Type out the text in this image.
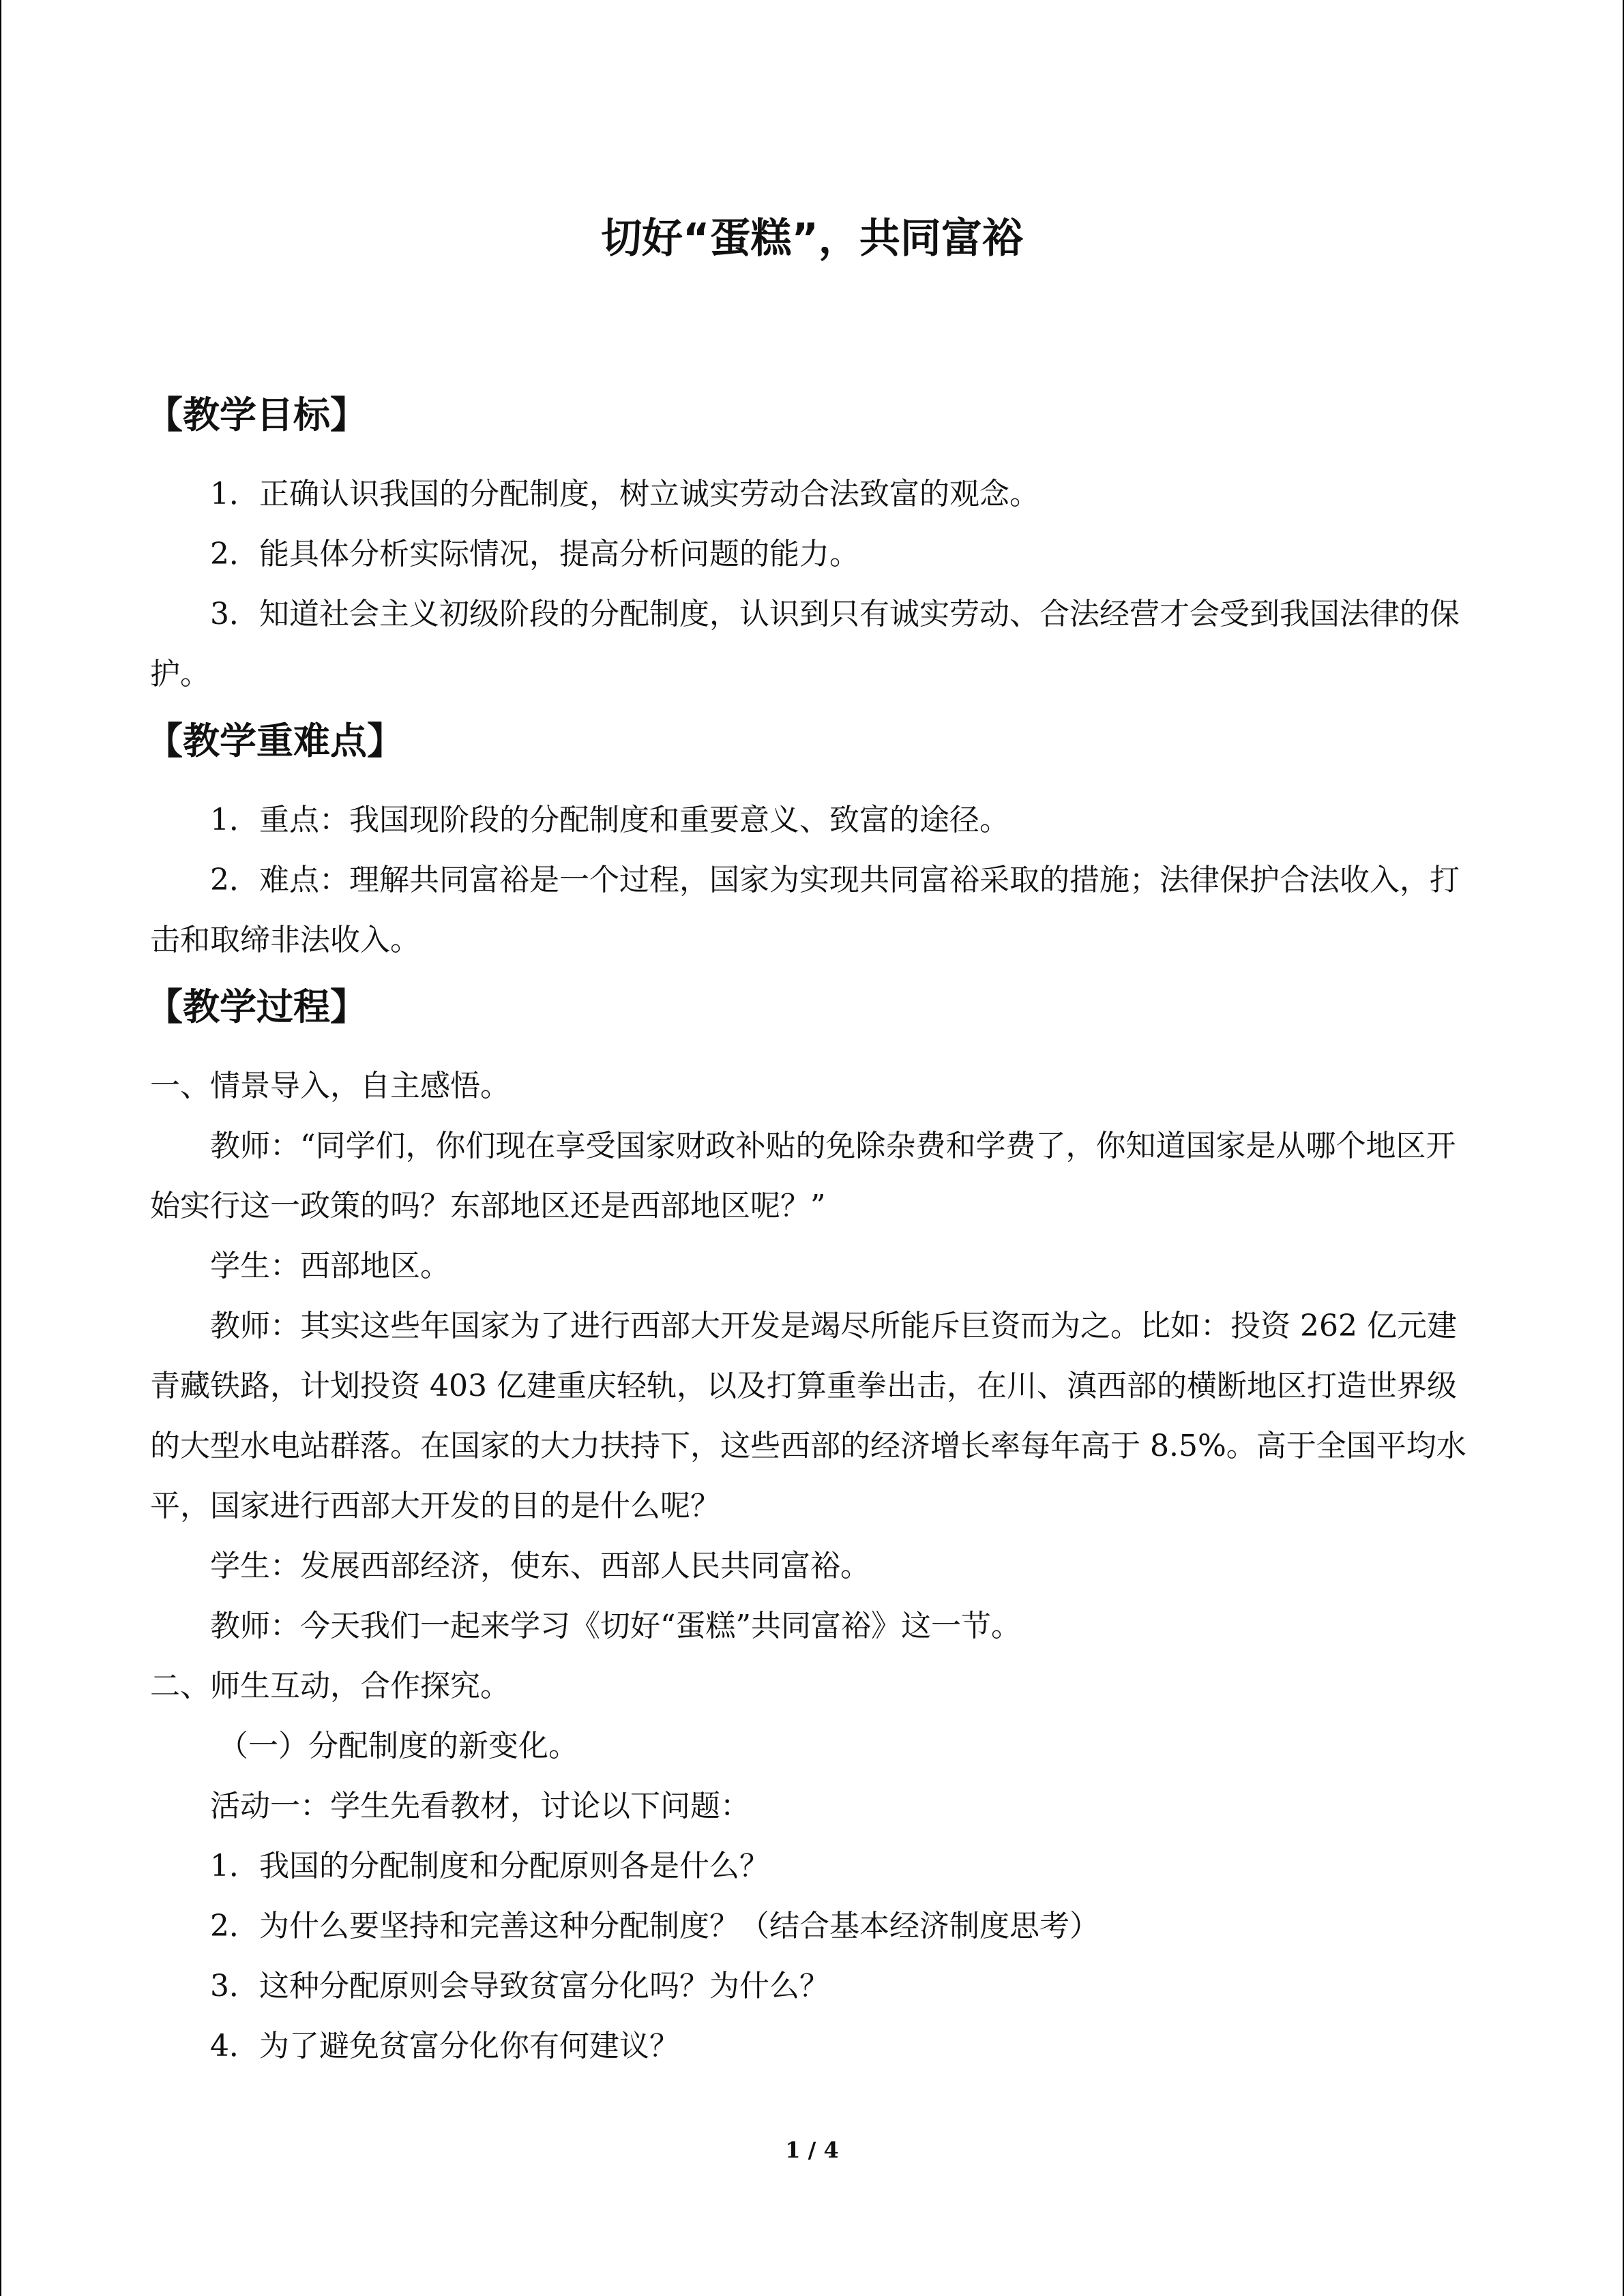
切好“蛋糕”，共同富裕
【教学目标】
1．正确认识我国的分配制度，树立诚实劳动合法致富的观念。
2．能具体分析实际情况，提高分析问题的能力。
3．知道社会主义初级阶段的分配制度，认识到只有诚实劳动、合法经营才会受到我国法律的保护。
【教学重难点】
1．重点：我国现阶段的分配制度和重要意义、致富的途径。
2．难点：理解共同富裕是一个过程，国家为实现共同富裕采取的措施；法律保护合法收入，打击和取缔非法收入。
【教学过程】
一、情景导入，自主感悟。
教师：“同学们，你们现在享受国家财政补贴的免除杂费和学费了，你知道国家是从哪个地区开始实行这一政策的吗？东部地区还是西部地区呢？”
学生：西部地区。
教师：其实这些年国家为了进行西部大开发是竭尽所能斥巨资而为之。比如：投资 262 亿元建青藏铁路，计划投资 403 亿建重庆轻轨，以及打算重拳出击，在川、滇西部的横断地区打造世界级的大型水电站群落。在国家的大力扶持下，这些西部的经济增长率每年高于 8.5%。高于全国平均水平，国家进行西部大开发的目的是什么呢？
学生：发展西部经济，使东、西部人民共同富裕。
教师：今天我们一起来学习《切好“蛋糕”共同富裕》这一节。
二、师生互动，合作探究。
（一）分配制度的新变化。
活动一：学生先看教材，讨论以下问题：
1．我国的分配制度和分配原则各是什么？
2．为什么要坚持和完善这种分配制度？（结合基本经济制度思考）
3．这种分配原则会导致贫富分化吗？为什么？
4．为了避免贫富分化你有何建议？
1 / 4
